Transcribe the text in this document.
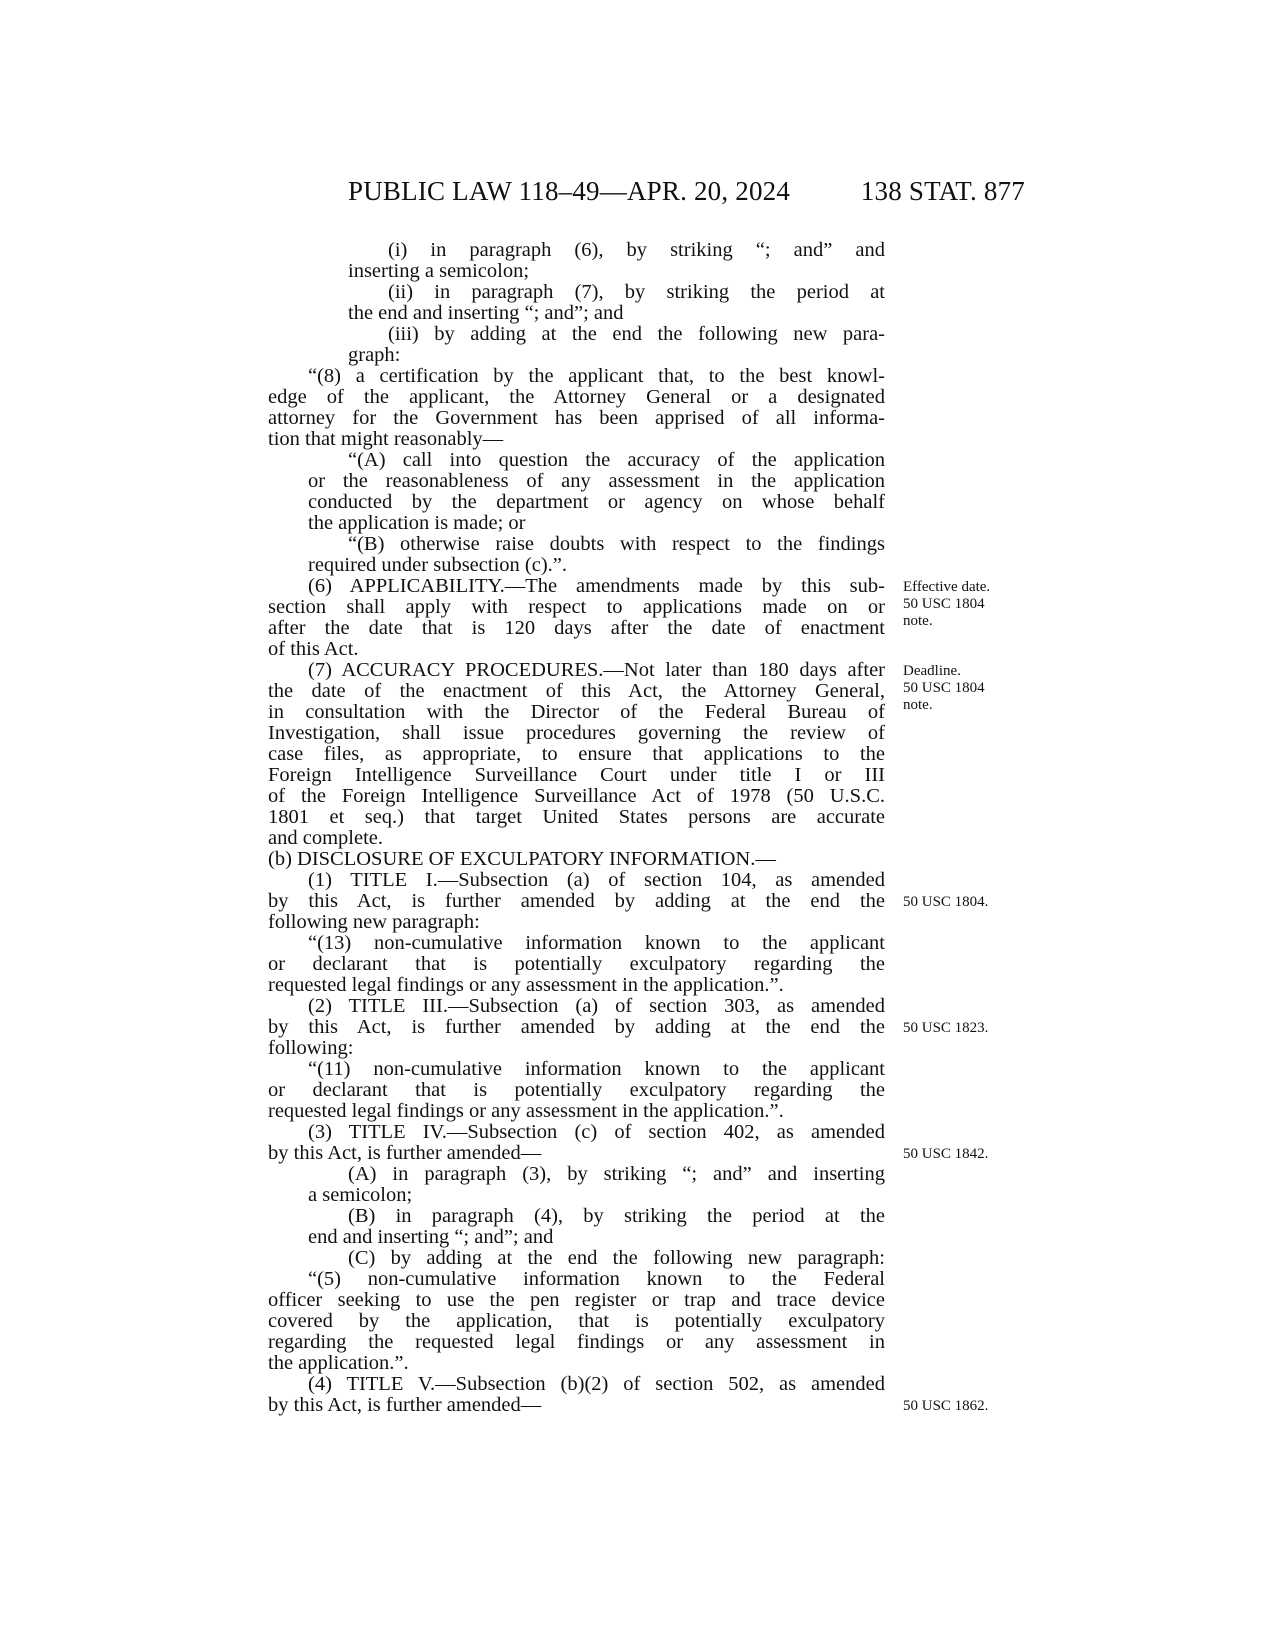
PUBLIC LAW 118–49—APR. 20, 2024	138 STAT. 877
(i) in paragraph (6), by striking “; and” and
inserting a semicolon;
(ii) in paragraph (7), by striking the period at
the end and inserting “; and”; and
(iii) by adding at the end the following new para-
graph:
“(8) a certification by the applicant that, to the best knowl-
edge of the applicant, the Attorney General or a designated
attorney for the Government has been apprised of all informa-
tion that might reasonably—
“(A) call into question the accuracy of the application
or the reasonableness of any assessment in the application
conducted by the department or agency on whose behalf
the application is made; or
“(B) otherwise raise doubts with respect to the findings
required under subsection (c).”.
(6) APPLICABILITY.—The amendments made by this sub-
section shall apply with respect to applications made on or
after the date that is 120 days after the date of enactment
of this Act.
(7) ACCURACY PROCEDURES.—Not later than 180 days after
the date of the enactment of this Act, the Attorney General,
in consultation with the Director of the Federal Bureau of
Investigation, shall issue procedures governing the review of
case files, as appropriate, to ensure that applications to the
Foreign Intelligence Surveillance Court under title I or III
of the Foreign Intelligence Surveillance Act of 1978 (50 U.S.C.
1801 et seq.) that target United States persons are accurate
and complete.
(b) DISCLOSURE OF EXCULPATORY INFORMATION.—
(1) TITLE I.—Subsection (a) of section 104, as amended
by this Act, is further amended by adding at the end the
following new paragraph:
“(13) non-cumulative information known to the applicant
or declarant that is potentially exculpatory regarding the
requested legal findings or any assessment in the application.”.
(2) TITLE III.—Subsection (a) of section 303, as amended
by this Act, is further amended by adding at the end the
following:
“(11) non-cumulative information known to the applicant
or declarant that is potentially exculpatory regarding the
requested legal findings or any assessment in the application.”.
(3) TITLE IV.—Subsection (c) of section 402, as amended
by this Act, is further amended—
(A) in paragraph (3), by striking “; and” and inserting
a semicolon;
(B) in paragraph (4), by striking the period at the
end and inserting “; and”; and
(C) by adding at the end the following new paragraph:
“(5) non-cumulative information known to the Federal
officer seeking to use the pen register or trap and trace device
covered by the application, that is potentially exculpatory
regarding the requested legal findings or any assessment in
the application.”.
(4) TITLE V.—Subsection (b)(2) of section 502, as amended
by this Act, is further amended—
Effective date.
50 USC 1804
note.
Deadline.
50 USC 1804
note.
50 USC 1804.
50 USC 1823.
50 USC 1842.
50 USC 1862.
